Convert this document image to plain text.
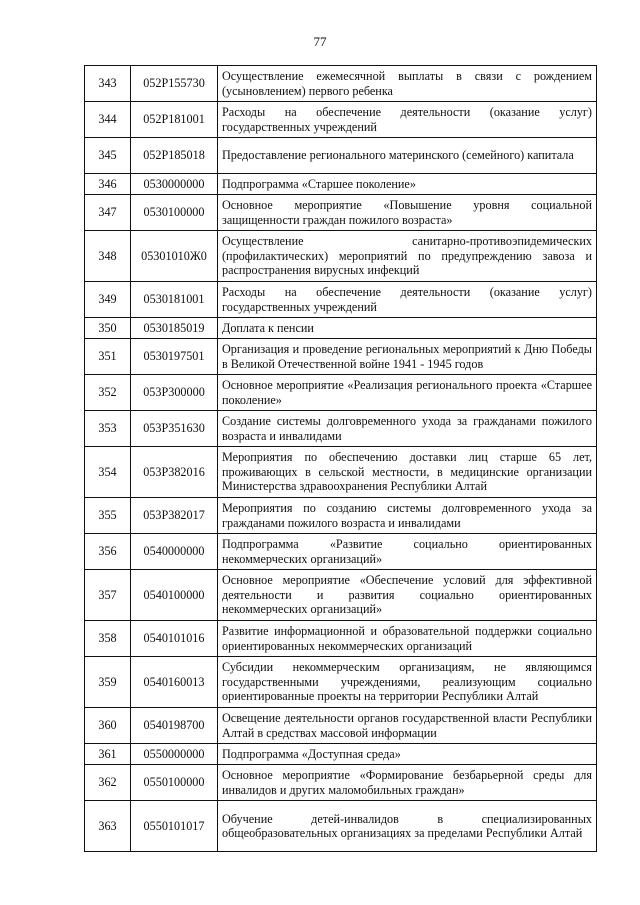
77
343	052P155730	Осуществление ежемесячной выплаты в связи с рождением (усыновлением) первого ребенка
344	052P181001	Расходы на обеспечение деятельности (оказание услуг) государственных учреждений
345	052P185018	Предоставление регионального материнского (семейного) капитала
346	0530000000	Подпрограмма «Старшее поколение»
347	0530100000	Основное мероприятие «Повышение уровня социальной защищенности граждан пожилого возраста»
348	05301010Ж0	Осуществление санитарно-противоэпидемических (профилактических) мероприятий по предупреждению завоза и распространения вирусных инфекций
349	0530181001	Расходы на обеспечение деятельности (оказание услуг) государственных учреждений
350	0530185019	Доплата к пенсии
351	0530197501	Организация и проведение региональных мероприятий к Дню Победы в Великой Отечественной войне 1941 - 1945 годов
352	053P300000	Основное мероприятие «Реализация регионального проекта «Старшее поколение»
353	053P351630	Создание системы долговременного ухода за гражданами пожилого возраста и инвалидами
354	053P382016	Мероприятия по обеспечению доставки лиц старше 65 лет, проживающих в сельской местности, в медицинские организации Министерства здравоохранения Республики Алтай
355	053P382017	Мероприятия по созданию системы долговременного ухода за гражданами пожилого возраста и инвалидами
356	0540000000	Подпрограмма «Развитие социально ориентированных некоммерческих организаций»
357	0540100000	Основное мероприятие «Обеспечение условий для эффективной деятельности и развития социально ориентированных некоммерческих организаций»
358	0540101016	Развитие информационной и образовательной поддержки социально ориентированных некоммерческих организаций
359	0540160013	Субсидии некоммерческим организациям, не являющимся государственными учреждениями, реализующим социально ориентированные проекты на территории Республики Алтай
360	0540198700	Освещение деятельности органов государственной власти Республики Алтай в средствах массовой информации
361	0550000000	Подпрограмма «Доступная среда»
362	0550100000	Основное мероприятие «Формирование безбарьерной среды для инвалидов и других маломобильных граждан»
363	0550101017	Обучение детей-инвалидов в специализированных общеобразовательных организациях за пределами Республики Алтай
